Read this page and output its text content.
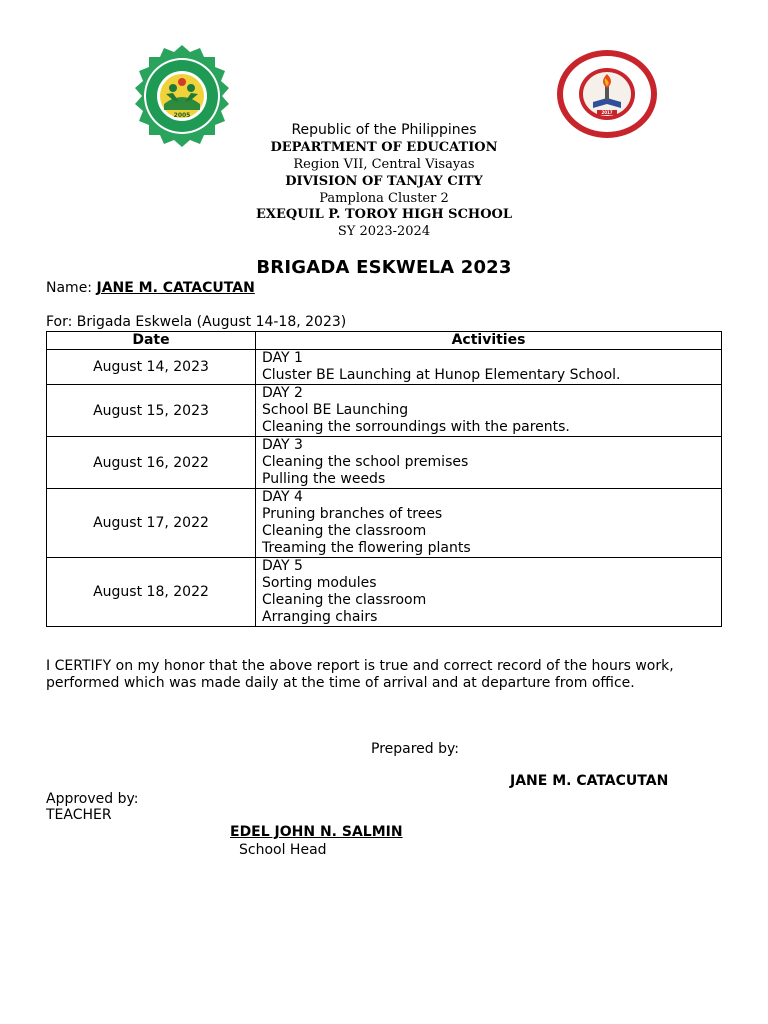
2005	2017
Republic of the Philippines
DEPARTMENT OF EDUCATION
Region VII, Central Visayas
DIVISION OF TANJAY CITY
Pamplona Cluster 2
EXEQUIL P. TOROY HIGH SCHOOL
SY 2023-2024
BRIGADA ESKWELA 2023
Name: JANE M. CATACUTAN
For: Brigada Eskwela (August 14-18, 2023)
Date	Activities
August 14, 2023	DAY 1
Cluster BE Launching at Hunop Elementary School.

August 15, 2023	DAY 2
School BE Launching
Cleaning the sorroundings with the parents.

August 16, 2022	DAY 3
Cleaning the school premises
Pulling the weeds

August 17, 2022	DAY 4
Pruning branches of trees
Cleaning the classroom
Treaming the flowering plants

August 18, 2022	DAY 5
Sorting modules
Cleaning the classroom
Arranging chairs
I CERTIFY on my honor that the above report is true and correct record of the hours work, performed which was made daily at the time of arrival and at departure from office.
Prepared by:
JANE M. CATACUTAN
Approved by:
TEACHER
EDEL JOHN N. SALMIN
School Head
